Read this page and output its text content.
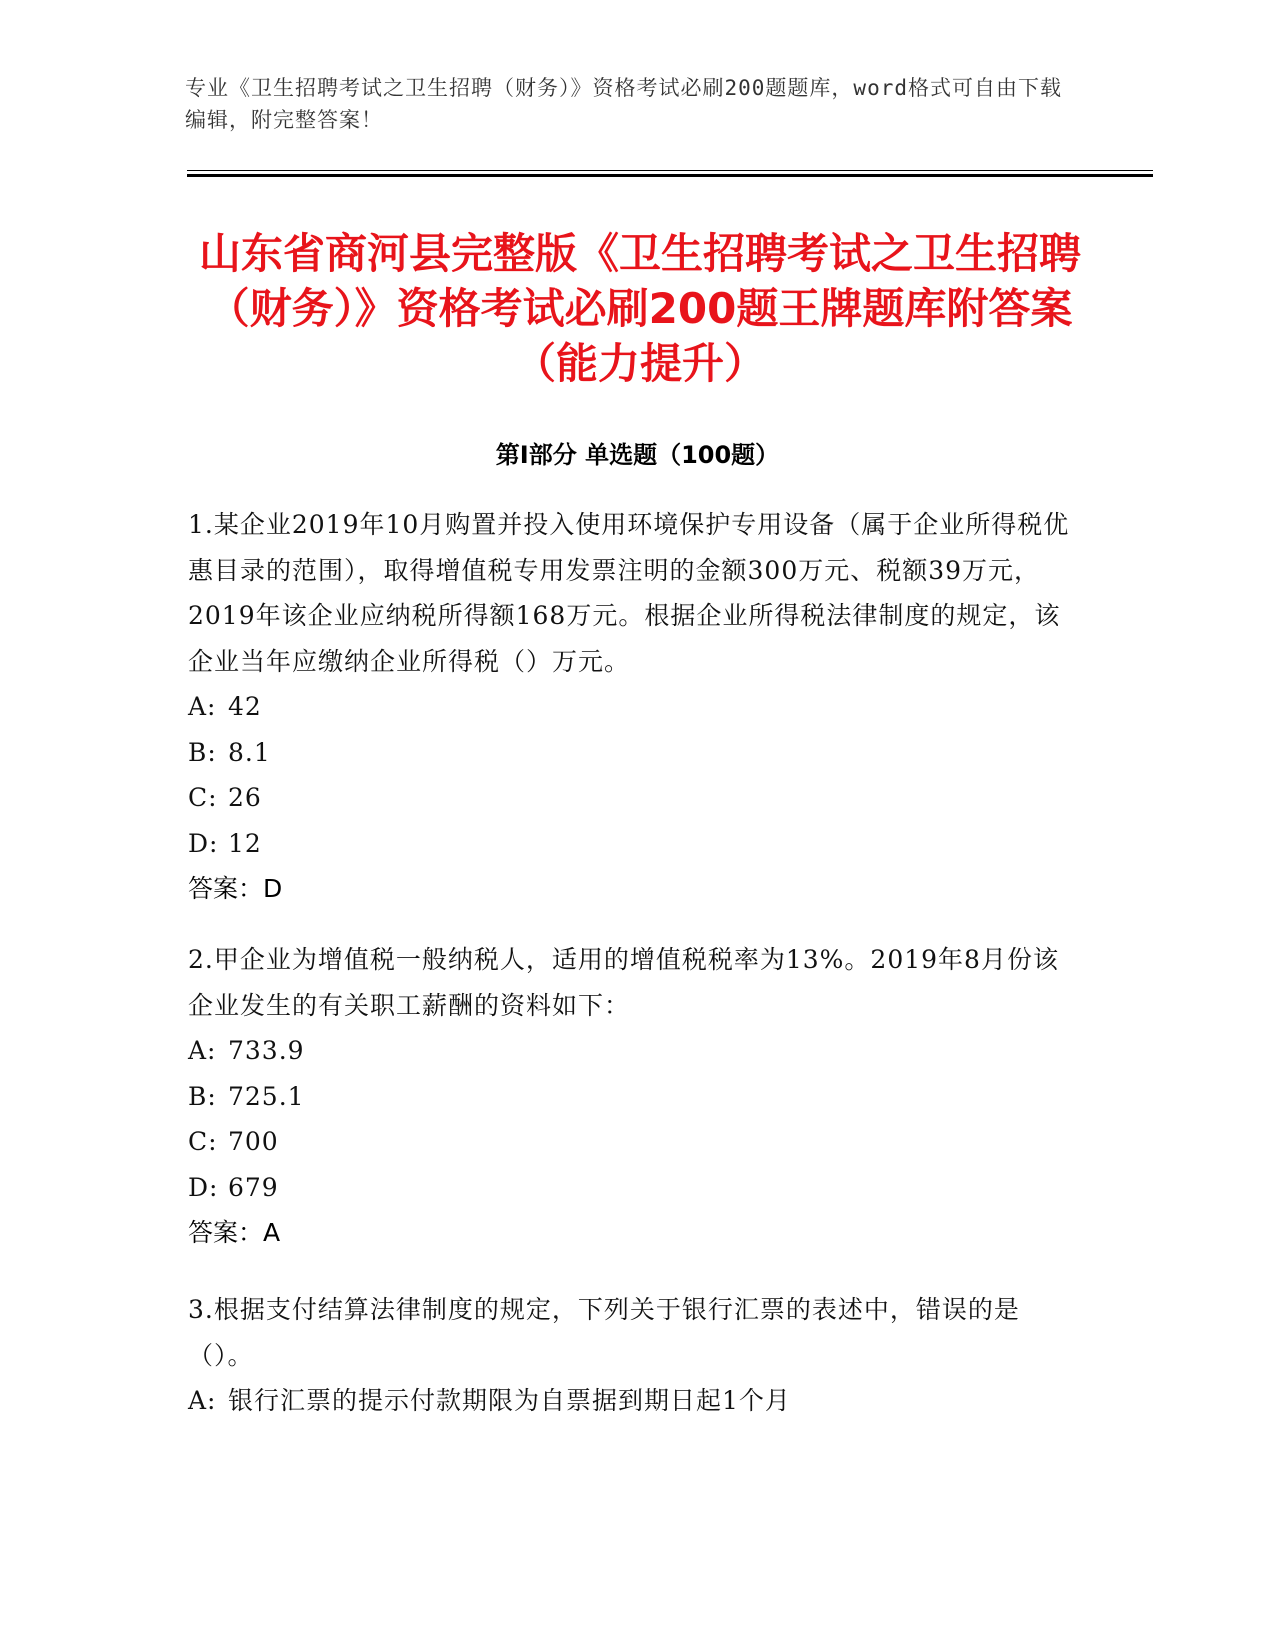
专业《卫生招聘考试之卫生招聘（财务）》资格考试必刷200题题库，word格式可自由下载编辑，附完整答案！
山东省商河县完整版《卫生招聘考试之卫生招聘（财务）》资格考试必刷200题王牌题库附答案（能力提升）
第Ⅰ部分 单选题（100题）

1.某企业2019年10月购置并投入使用环境保护专用设备（属于企业所得税优惠目录的范围），取得增值税专用发票注明的金额300万元、税额39万元，2019年该企业应纳税所得额168万元。根据企业所得税法律制度的规定，该企业当年应缴纳企业所得税（）万元。

A: 42
B: 8.1
C: 26
D: 12
答案：D

2.甲企业为增值税一般纳税人，适用的增值税税率为13%。2019年8月份该企业发生的有关职工薪酬的资料如下：

A: 733.9
B: 725.1
C: 700
D: 679
答案：A

3.根据支付结算法律制度的规定，下列关于银行汇票的表述中，错误的是（）。

A: 银行汇票的提示付款期限为自票据到期日起1个月
